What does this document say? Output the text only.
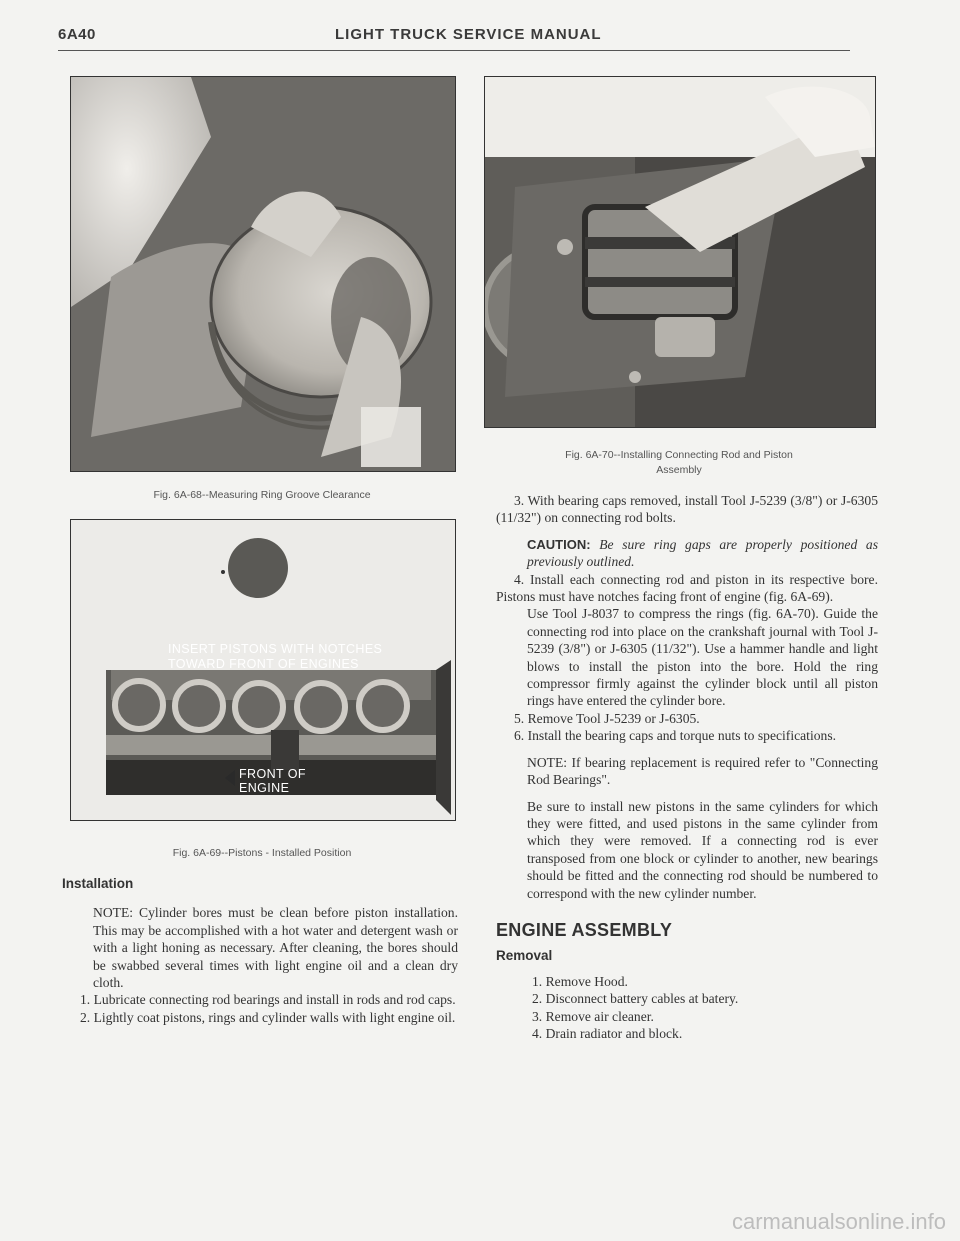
6A40	LIGHT TRUCK SERVICE MANUAL
Fig. 6A-68--Measuring Ring Groove Clearance
INSERT PISTONS WITH NOTCHES
TOWARD FRONT OF ENGINES
FRONT OF
ENGINE
Fig. 6A-69--Pistons - Installed Position
Fig. 6A-70--Installing Connecting Rod and Piston
Assembly
Installation

NOTE: Cylinder bores must be clean before piston installation. This may be accomplished with a hot water and detergent wash or with a light honing as necessary. After cleaning, the bores should be swabbed several times with light engine oil and a clean dry cloth.

1. Lubricate connecting rod bearings and install in rods and rod caps.

2. Lightly coat pistons, rings and cylinder walls with light engine oil.

3. With bearing caps removed, install Tool J-5239 (3/8") or J-6305 (11/32") on connecting rod bolts.

CAUTION: Be sure ring gaps are properly positioned as previously outlined.

4. Install each connecting rod and piston in its respective bore. Pistons must have notches facing front of engine (fig. 6A-69).

Use Tool J-8037 to compress the rings (fig. 6A-70). Guide the connecting rod into place on the crankshaft journal with Tool J-5239 (3/8") or J-6305 (11/32"). Use a hammer handle and light blows to install the piston into the bore. Hold the ring compressor firmly against the cylinder block until all piston rings have entered the cylinder bore.

5. Remove Tool J-5239 or J-6305.

6. Install the bearing caps and torque nuts to specifications.

NOTE: If bearing replacement is required refer to "Connecting Rod Bearings".

Be sure to install new pistons in the same cylinders for which they were fitted, and used pistons in the same cylinder from which they were removed. If a connecting rod is ever transposed from one block or cylinder to another, new bearings should be fitted and the connecting rod should be numbered to correspond with the new cylinder number.

ENGINE ASSEMBLY
Removal

1. Remove Hood.

2. Disconnect battery cables at batery.

3. Remove air cleaner.

4. Drain radiator and block.

carmanualsonline.info
